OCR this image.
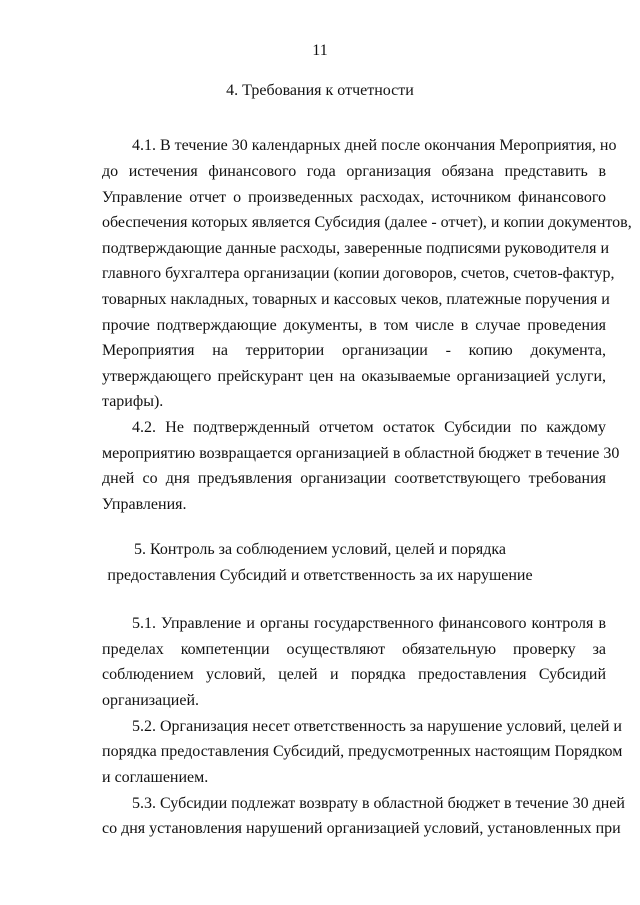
11
4. Требования к отчетности
4.1. В течение 30 календарных дней после окончания Мероприятия, но
до истечения финансового года организация обязана представить в
Управление отчет о произведенных расходах, источником финансового
обеспечения которых является Субсидия (далее - отчет), и копии документов,
подтверждающие данные расходы, заверенные подписями руководителя и
главного бухгалтера организации (копии договоров, счетов, счетов-фактур,
товарных накладных, товарных и кассовых чеков, платежные поручения и
прочие подтверждающие документы, в том числе в случае проведения
Мероприятия на территории организации - копию документа,
утверждающего прейскурант цен на оказываемые организацией услуги,
тарифы).
4.2. Не подтвержденный отчетом остаток Субсидии по каждому
мероприятию возвращается организацией в областной бюджет в течение 30
дней со дня предъявления организации соответствующего требования
Управления.
5. Контроль за соблюдением условий, целей и порядка
предоставления Субсидий и ответственность за их нарушение
5.1. Управление и органы государственного финансового контроля в
пределах компетенции осуществляют обязательную проверку за
соблюдением условий, целей и порядка предоставления Субсидий
организацией.
5.2. Организация несет ответственность за нарушение условий, целей и
порядка предоставления Субсидий, предусмотренных настоящим Порядком
и соглашением.
5.3. Субсидии подлежат возврату в областной бюджет в течение 30 дней
со дня установления нарушений организацией условий, установленных при
